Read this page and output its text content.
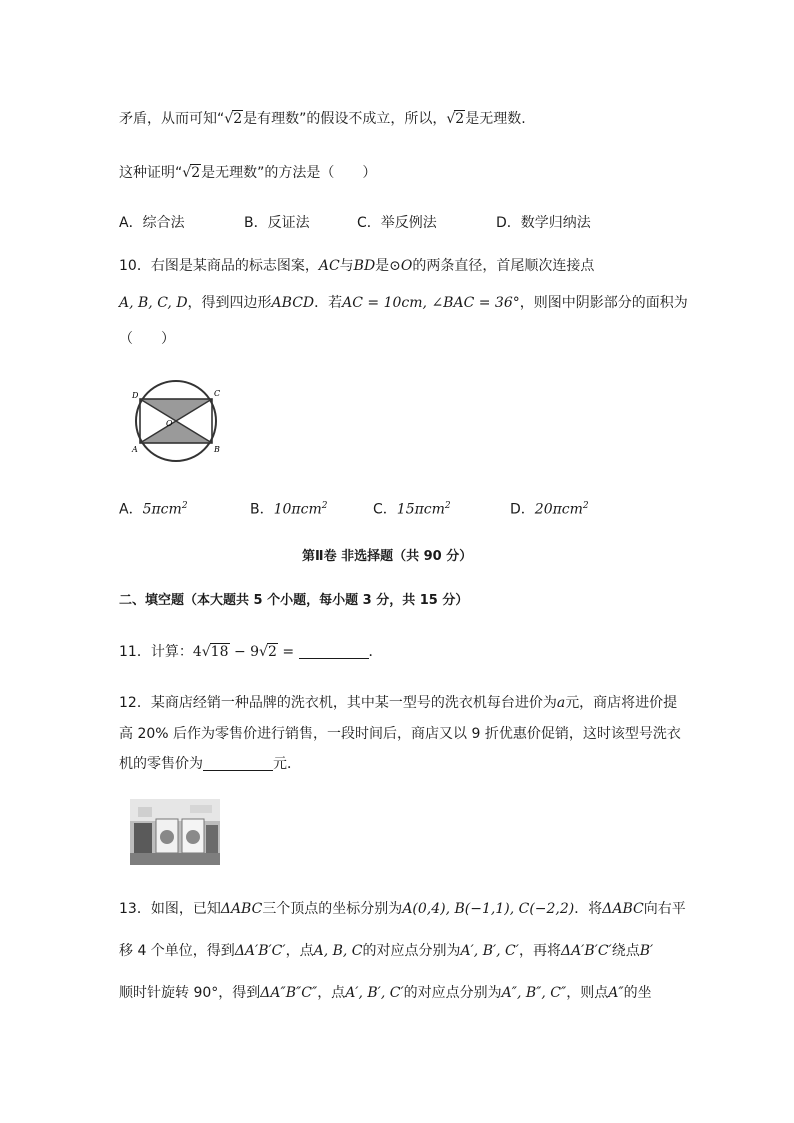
矛盾，从而可知“√2是有理数”的假设不成立，所以，√2是无理数.
这种证明“√2是无理数”的方法是（　　）
A．综合法	B．反证法	C．举反例法	D．数学归纳法
10．右图是某商品的标志图案，AC与BD是⊙O的两条直径，首尾顺次连接点
A, B, C, D，得到四边形ABCD．若AC = 10cm, ∠BAC = 36°，则图中阴影部分的面积为
（　　）
D	C
A	B
O
A．5πcm$^2$	B．10πcm$^2$	C．15πcm$^2$	D．20πcm$^2$
第Ⅱ卷 非选择题（共 90 分）
二、填空题（本大题共 5 个小题，每小题 3 分，共 15 分）
11．计算：4√18 − 9√2 =	．
12．某商店经销一种品牌的洗衣机，其中某一型号的洗衣机每台进价为a元，商店将进价提
高 20% 后作为零售价进行销售，一段时间后，商店又以 9 折优惠价促销，这时该型号洗衣
机的零售价为	元．
13．如图，已知ΔABC三个顶点的坐标分别为A(0,4), B(−1,1), C(−2,2)．将ΔABC向右平
移 4 个单位，得到ΔA′B′C′，点A, B, C的对应点分别为A′, B′, C′，再将ΔA′B′C′绕点B′
顺时针旋转 90°，得到ΔA″B″C″，点A′, B′, C′的对应点分别为A″, B″, C″，则点A″的坐
